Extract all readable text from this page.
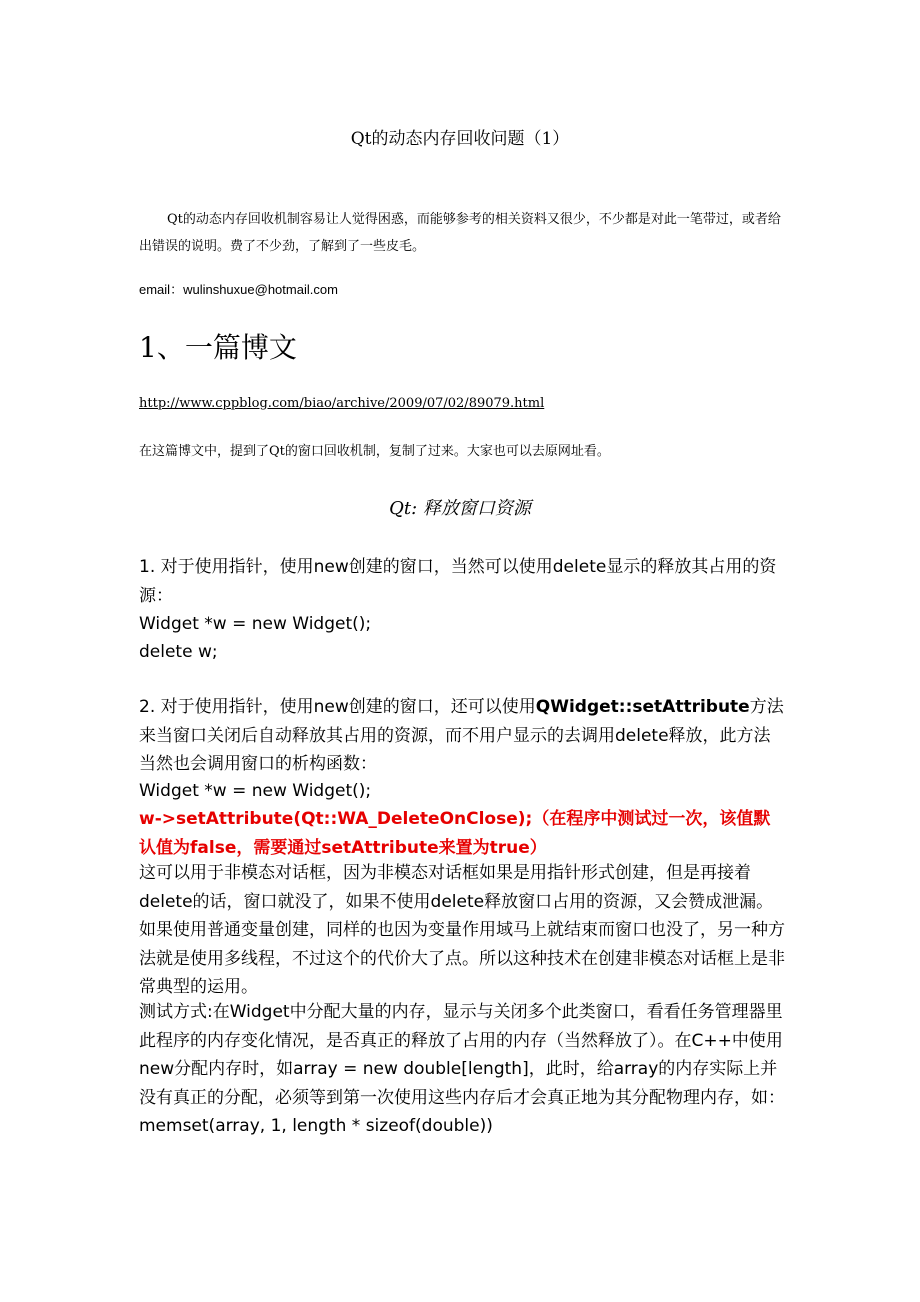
Qt的动态内存回收问题（1）
Qt的动态内存回收机制容易让人觉得困惑，而能够参考的相关资料又很少，不少都是对此一笔带过，或者给出错误的说明。费了不少劲，了解到了一些皮毛。
email：wulinshuxue@hotmail.com
1、一篇博文
http://www.cppblog.com/biao/archive/2009/07/02/89079.html
在这篇博文中，提到了Qt的窗口回收机制，复制了过来。大家也可以去原网址看。
Qt: 释放窗口资源
1. 对于使用指针，使用new创建的窗口，当然可以使用delete显示的释放其占用的资源：
Widget *w = new Widget();
delete w;
2. 对于使用指针，使用new创建的窗口，还可以使用QWidget::setAttribute方法来当窗口关闭后自动释放其占用的资源，而不用户显示的去调用delete释放，此方法当然也会调用窗口的析构函数：
Widget *w = new Widget();
w->setAttribute(Qt::WA_DeleteOnClose);（在程序中测试过一次，该值默认值为false，需要通过setAttribute来置为true）
这可以用于非模态对话框，因为非模态对话框如果是用指针形式创建，但是再接着delete的话，窗口就没了，如果不使用delete释放窗口占用的资源，又会赞成泄漏。如果使用普通变量创建，同样的也因为变量作用域马上就结束而窗口也没了，另一种方法就是使用多线程，不过这个的代价大了点。所以这种技术在创建非模态对话框上是非常典型的运用。
测试方式:在Widget中分配大量的内存，显示与关闭多个此类窗口，看看任务管理器里此程序的内存变化情况，是否真正的释放了占用的内存（当然释放了）。在C++中使用new分配内存时，如array = new double[length]，此时，给array的内存实际上并没有真正的分配，必须等到第一次使用这些内存后才会真正地为其分配物理内存，如：memset(array, 1, length * sizeof(double))
